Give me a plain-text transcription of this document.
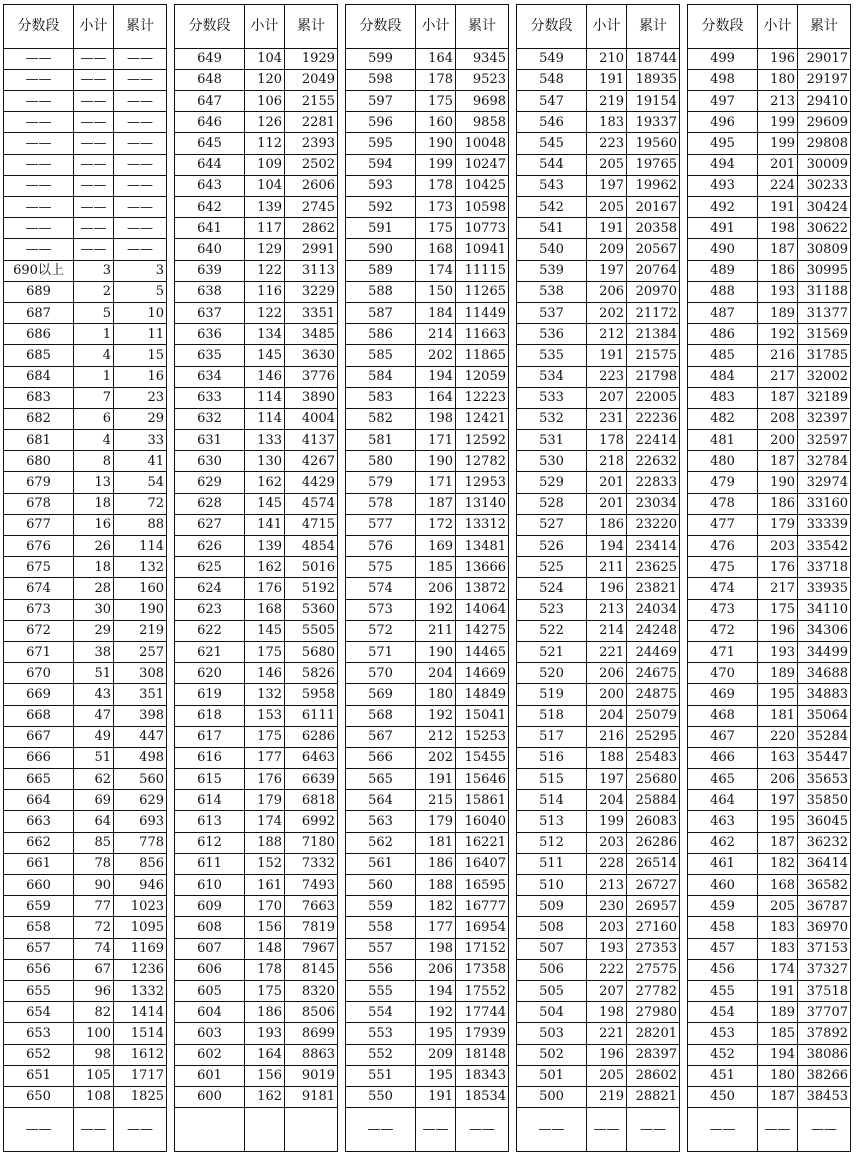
分数段	小计	累计
——	——	——
——	——	——
——	——	——
——	——	——
——	——	——
——	——	——
——	——	——
——	——	——
——	——	——
——	——	——
690以上	3	3
689	2	5
687	5	10
686	1	11
685	4	15
684	1	16
683	7	23
682	6	29
681	4	33
680	8	41
679	13	54
678	18	72
677	16	88
676	26	114
675	18	132
674	28	160
673	30	190
672	29	219
671	38	257
670	51	308
669	43	351
668	47	398
667	49	447
666	51	498
665	62	560
664	69	629
663	64	693
662	85	778
661	78	856
660	90	946
659	77	1023
658	72	1095
657	74	1169
656	67	1236
655	96	1332
654	82	1414
653	100	1514
652	98	1612
651	105	1717
650	108	1825
——	——	——
分数段	小计	累计
649	104	1929
648	120	2049
647	106	2155
646	126	2281
645	112	2393
644	109	2502
643	104	2606
642	139	2745
641	117	2862
640	129	2991
639	122	3113
638	116	3229
637	122	3351
636	134	3485
635	145	3630
634	146	3776
633	114	3890
632	114	4004
631	133	4137
630	130	4267
629	162	4429
628	145	4574
627	141	4715
626	139	4854
625	162	5016
624	176	5192
623	168	5360
622	145	5505
621	175	5680
620	146	5826
619	132	5958
618	153	6111
617	175	6286
616	177	6463
615	176	6639
614	179	6818
613	174	6992
612	188	7180
611	152	7332
610	161	7493
609	170	7663
608	156	7819
607	148	7967
606	178	8145
605	175	8320
604	186	8506
603	193	8699
602	164	8863
601	156	9019
600	162	9181

分数段	小计	累计
599	164	9345
598	178	9523
597	175	9698
596	160	9858
595	190	10048
594	199	10247
593	178	10425
592	173	10598
591	175	10773
590	168	10941
589	174	11115
588	150	11265
587	184	11449
586	214	11663
585	202	11865
584	194	12059
583	164	12223
582	198	12421
581	171	12592
580	190	12782
579	171	12953
578	187	13140
577	172	13312
576	169	13481
575	185	13666
574	206	13872
573	192	14064
572	211	14275
571	190	14465
570	204	14669
569	180	14849
568	192	15041
567	212	15253
566	202	15455
565	191	15646
564	215	15861
563	179	16040
562	181	16221
561	186	16407
560	188	16595
559	182	16777
558	177	16954
557	198	17152
556	206	17358
555	194	17552
554	192	17744
553	195	17939
552	209	18148
551	195	18343
550	191	18534
——	——	——
分数段	小计	累计
549	210	18744
548	191	18935
547	219	19154
546	183	19337
545	223	19560
544	205	19765
543	197	19962
542	205	20167
541	191	20358
540	209	20567
539	197	20764
538	206	20970
537	202	21172
536	212	21384
535	191	21575
534	223	21798
533	207	22005
532	231	22236
531	178	22414
530	218	22632
529	201	22833
528	201	23034
527	186	23220
526	194	23414
525	211	23625
524	196	23821
523	213	24034
522	214	24248
521	221	24469
520	206	24675
519	200	24875
518	204	25079
517	216	25295
516	188	25483
515	197	25680
514	204	25884
513	199	26083
512	203	26286
511	228	26514
510	213	26727
509	230	26957
508	203	27160
507	193	27353
506	222	27575
505	207	27782
504	198	27980
503	221	28201
502	196	28397
501	205	28602
500	219	28821
——	——	——
分数段	小计	累计
499	196	29017
498	180	29197
497	213	29410
496	199	29609
495	199	29808
494	201	30009
493	224	30233
492	191	30424
491	198	30622
490	187	30809
489	186	30995
488	193	31188
487	189	31377
486	192	31569
485	216	31785
484	217	32002
483	187	32189
482	208	32397
481	200	32597
480	187	32784
479	190	32974
478	186	33160
477	179	33339
476	203	33542
475	176	33718
474	217	33935
473	175	34110
472	196	34306
471	193	34499
470	189	34688
469	195	34883
468	181	35064
467	220	35284
466	163	35447
465	206	35653
464	197	35850
463	195	36045
462	187	36232
461	182	36414
460	168	36582
459	205	36787
458	183	36970
457	183	37153
456	174	37327
455	191	37518
454	189	37707
453	185	37892
452	194	38086
451	180	38266
450	187	38453
——	——	——
